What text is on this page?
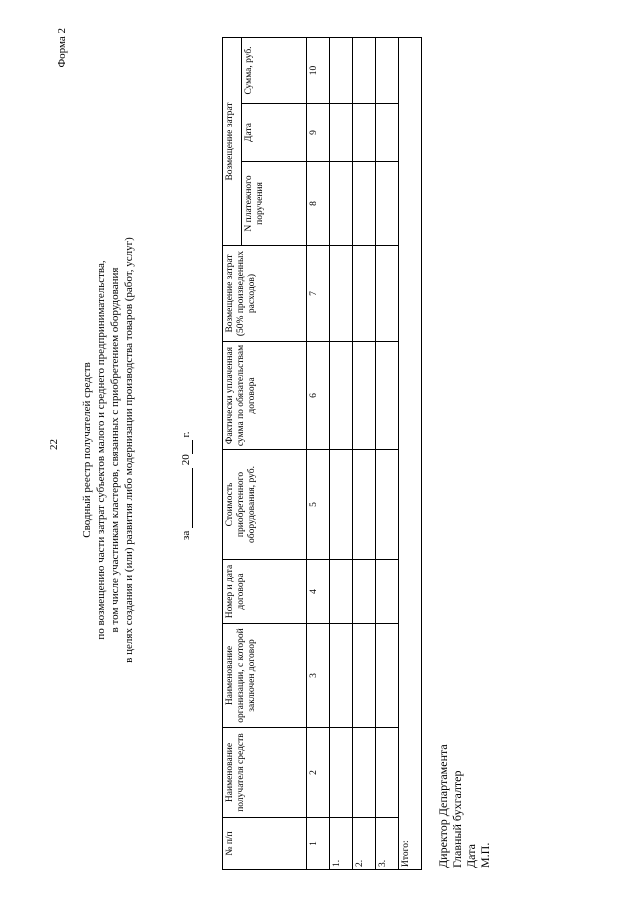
22
Форма 2
Сводный реестр получателей средств по возмещению части затрат субъектов малого и среднего предпринимательства, в том числе участникам кластеров, связанных с приобретением оборудования в целях создания и (или) развития либо модернизации производства товаров (работ, услуг)	за   20  г.
№ п/п	Наименование получателя средств	Наименование организации, с которой заключен договор	Номер и дата договора	Стоимость приобретенного оборудования, руб.	Фактически уплаченная сумма по обязательствам договора	Возмещение затрат (50% произведенных расходов)	Возмещение затрат		
							N платежного поручения	Дата	Сумма, руб.
1	2	3	4	5	6	7	8	9	10
1.									
2.									
3.									
Итого:									Директор Департамента Главный бухгалтер Дата М.П.
